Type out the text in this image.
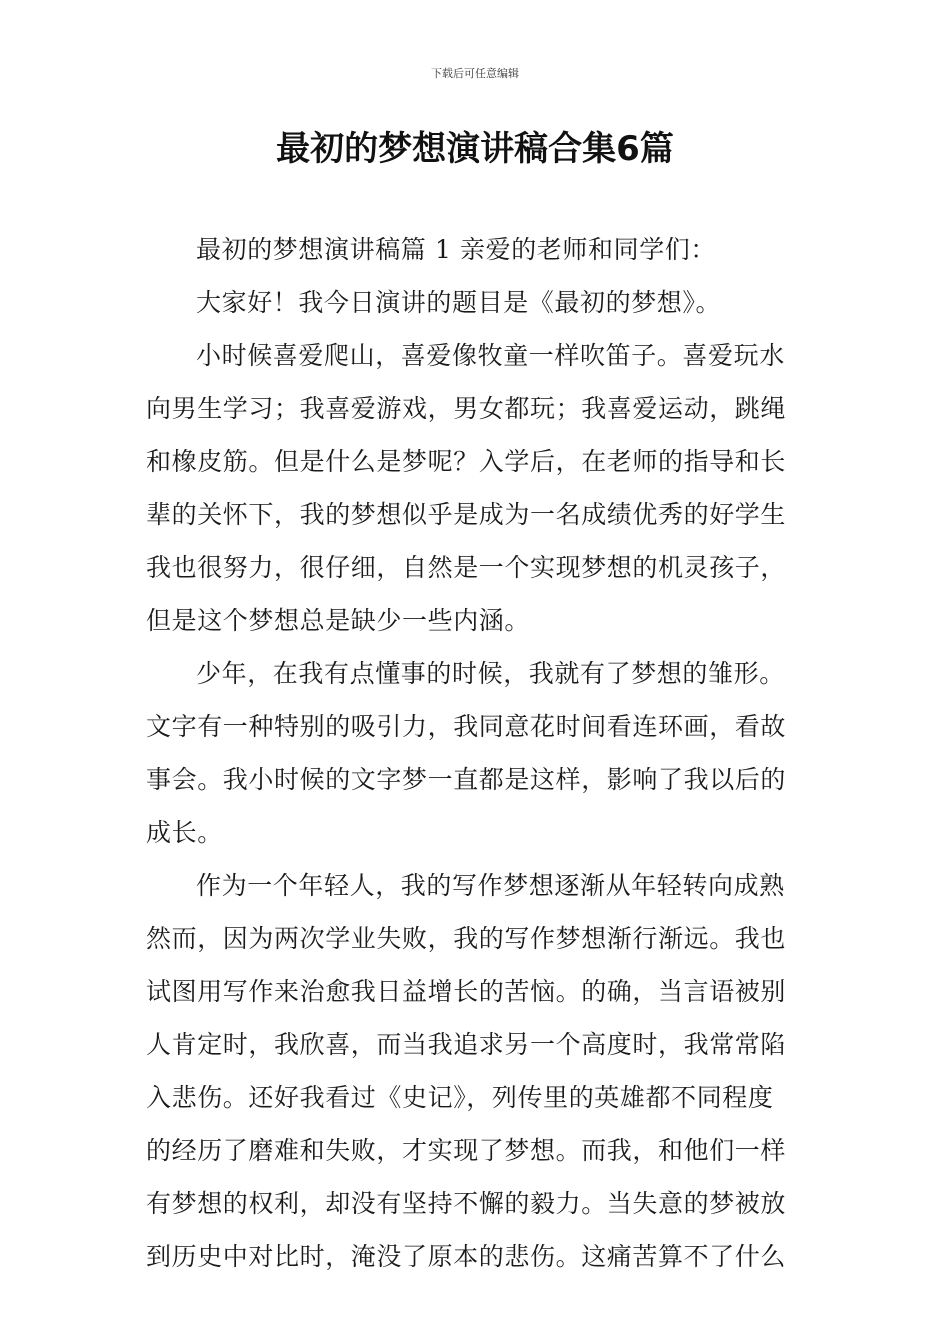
下载后可任意编辑
最初的梦想演讲稿合集6篇
最初的梦想演讲稿篇 1 亲爱的老师和同学们：
大家好！我今日演讲的题目是《最初的梦想》。
小时候喜爱爬山，喜爱像牧童一样吹笛子。喜爱玩水
向男生学习；我喜爱游戏，男女都玩；我喜爱运动，跳绳
和橡皮筋。但是什么是梦呢？入学后，在老师的指导和长
辈的关怀下，我的梦想似乎是成为一名成绩优秀的好学生
我也很努力，很仔细，自然是一个实现梦想的机灵孩子，
但是这个梦想总是缺少一些内涵。
少年，在我有点懂事的时候，我就有了梦想的雏形。
文字有一种特别的吸引力，我同意花时间看连环画，看故
事会。我小时候的文字梦一直都是这样，影响了我以后的
成长。
作为一个年轻人，我的写作梦想逐渐从年轻转向成熟
然而，因为两次学业失败，我的写作梦想渐行渐远。我也
试图用写作来治愈我日益增长的苦恼。的确，当言语被别
人肯定时，我欣喜，而当我追求另一个高度时，我常常陷
入悲伤。还好我看过《史记》，列传里的英雄都不同程度
的经历了磨难和失败，才实现了梦想。而我，和他们一样
有梦想的权利，却没有坚持不懈的毅力。当失意的梦被放
到历史中对比时，淹没了原本的悲伤。这痛苦算不了什么
